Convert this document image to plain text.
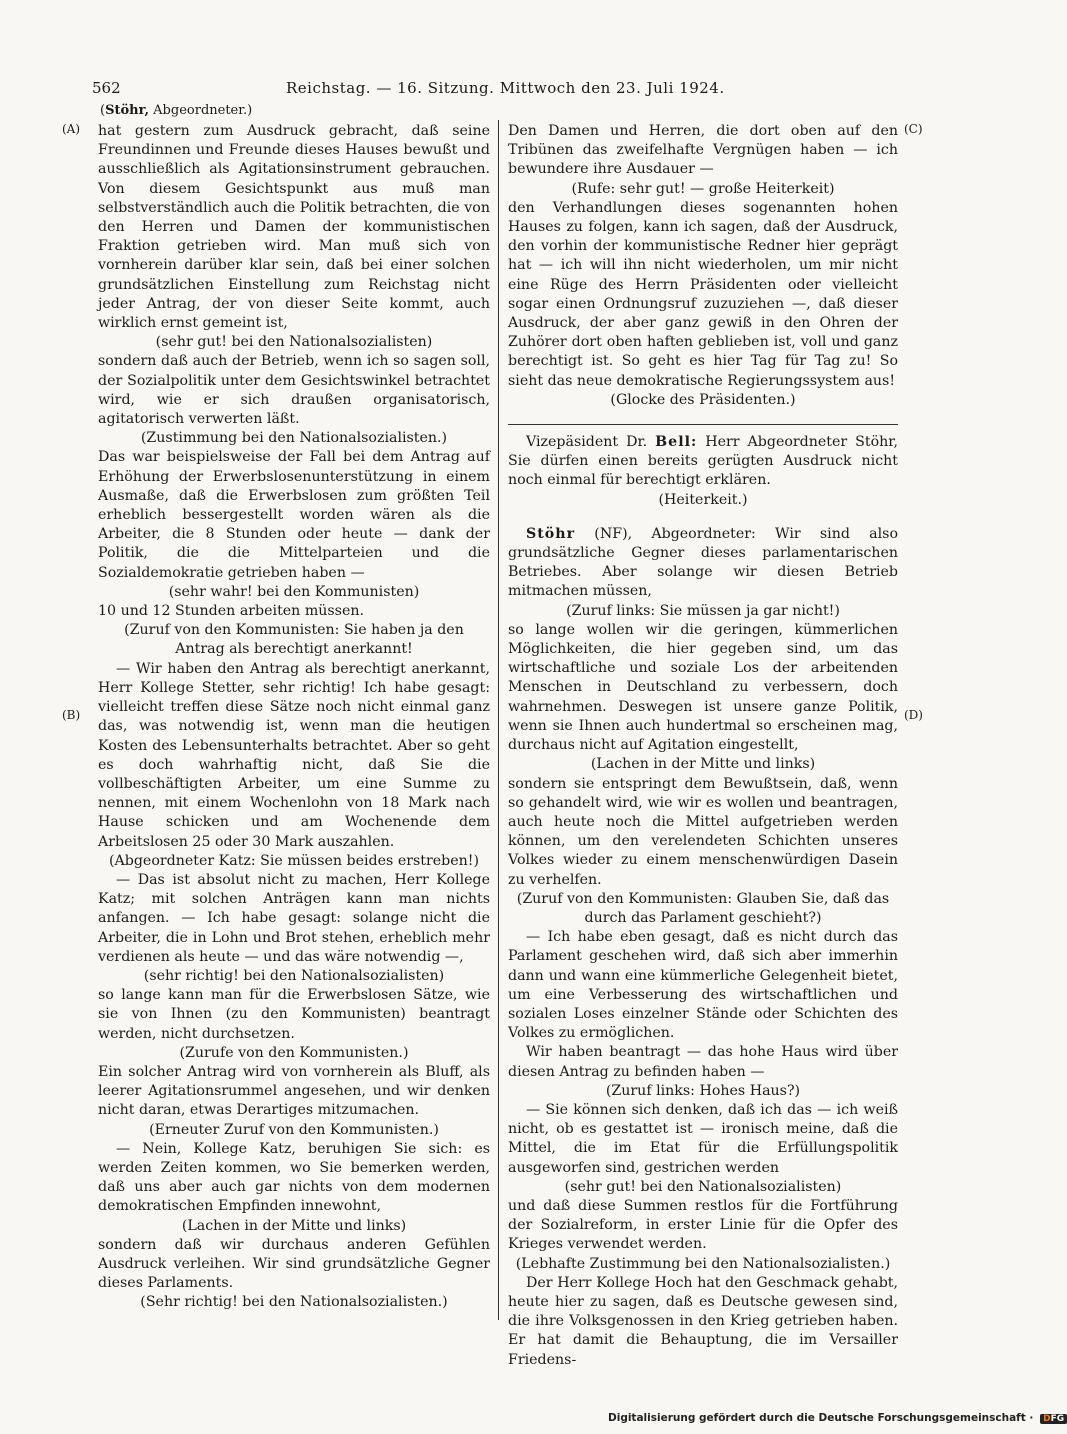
562	Reichstag. — 16. Sitzung. Mittwoch den 23. Juli 1924.
(Stöhr, Abgeordneter.)
(A)
(B)
(C)
(D)

hat gestern zum Ausdruck gebracht, daß seine Freundinnen und Freunde dieses Hauses bewußt und ausschließlich als Agitationsinstrument gebrauchen. Von diesem Gesichtspunkt aus muß man selbstverständlich auch die Politik betrachten, die von den Herren und Damen der kommunistischen Fraktion getrieben wird. Man muß sich von vornherein darüber klar sein, daß bei einer solchen grundsätzlichen Einstellung zum Reichstag nicht jeder Antrag, der von dieser Seite kommt, auch wirklich ernst gemeint ist,

(sehr gut! bei den Nationalsozialisten)

sondern daß auch der Betrieb, wenn ich so sagen soll, der Sozialpolitik unter dem Gesichtswinkel betrachtet wird, wie er sich draußen organisatorisch, agitatorisch verwerten läßt.

(Zustimmung bei den Nationalsozialisten.)

Das war beispielsweise der Fall bei dem Antrag auf Erhöhung der Erwerbslosenunterstützung in einem Ausmaße, daß die Erwerbslosen zum größten Teil erheblich bessergestellt worden wären als die Arbeiter, die 8 Stunden oder heute — dank der Politik, die die Mittelparteien und die Sozialdemokratie getrieben haben —

(sehr wahr! bei den Kommunisten)

10 und 12 Stunden arbeiten müssen.

(Zuruf von den Kommunisten: Sie haben ja den Antrag als berechtigt anerkannt!

— Wir haben den Antrag als berechtigt anerkannt, Herr Kollege Stetter, sehr richtig! Ich habe gesagt: vielleicht treffen diese Sätze noch nicht einmal ganz das, was notwendig ist, wenn man die heutigen Kosten des Lebensunterhalts betrachtet. Aber so geht es doch wahrhaftig nicht, daß Sie die vollbeschäftigten Arbeiter, um eine Summe zu nennen, mit einem Wochenlohn von 18 Mark nach Hause schicken und am Wochenende dem Arbeitslosen 25 oder 30 Mark auszahlen.

(Abgeordneter Katz: Sie müssen beides erstreben!)

— Das ist absolut nicht zu machen, Herr Kollege Katz; mit solchen Anträgen kann man nichts anfangen. — Ich habe gesagt: solange nicht die Arbeiter, die in Lohn und Brot stehen, erheblich mehr verdienen als heute — und das wäre notwendig —,

(sehr richtig! bei den Nationalsozialisten)

so lange kann man für die Erwerbslosen Sätze, wie sie von Ihnen (zu den Kommunisten) beantragt werden, nicht durchsetzen.

(Zurufe von den Kommunisten.)

Ein solcher Antrag wird von vornherein als Bluff, als leerer Agitationsrummel angesehen, und wir denken nicht daran, etwas Derartiges mitzumachen.

(Erneuter Zuruf von den Kommunisten.)

— Nein, Kollege Katz, beruhigen Sie sich: es werden Zeiten kommen, wo Sie bemerken werden, daß uns aber auch gar nichts von dem modernen demokratischen Empfinden innewohnt,

(Lachen in der Mitte und links)

sondern daß wir durchaus anderen Gefühlen Ausdruck verleihen. Wir sind grundsätzliche Gegner dieses Parlaments.

(Sehr richtig! bei den Nationalsozialisten.)

Den Damen und Herren, die dort oben auf den Tribünen das zweifelhafte Vergnügen haben — ich bewundere ihre Ausdauer —

(Rufe: sehr gut! — große Heiterkeit)

den Verhandlungen dieses sogenannten hohen Hauses zu folgen, kann ich sagen, daß der Ausdruck, den vorhin der kommunistische Redner hier geprägt hat — ich will ihn nicht wiederholen, um mir nicht eine Rüge des Herrn Präsidenten oder vielleicht sogar einen Ordnungsruf zuzuziehen —, daß dieser Ausdruck, der aber ganz gewiß in den Ohren der Zuhörer dort oben haften geblieben ist, voll und ganz berechtigt ist. So geht es hier Tag für Tag zu! So sieht das neue demokratische Regierungssystem aus!

(Glocke des Präsidenten.)

Vizepäsident Dr. Bell: Herr Abgeordneter Stöhr, Sie dürfen einen bereits gerügten Ausdruck nicht noch einmal für berechtigt erklären.

(Heiterkeit.)

Stöhr (NF), Abgeordneter: Wir sind also grundsätzliche Gegner dieses parlamentarischen Betriebes. Aber solange wir diesen Betrieb mitmachen müssen,

(Zuruf links: Sie müssen ja gar nicht!)

so lange wollen wir die geringen, kümmerlichen Möglichkeiten, die hier gegeben sind, um das wirtschaftliche und soziale Los der arbeitenden Menschen in Deutschland zu verbessern, doch wahrnehmen. Deswegen ist unsere ganze Politik, wenn sie Ihnen auch hundertmal so erscheinen mag, durchaus nicht auf Agitation eingestellt,

(Lachen in der Mitte und links)

sondern sie entspringt dem Bewußtsein, daß, wenn so gehandelt wird, wie wir es wollen und beantragen, auch heute noch die Mittel aufgetrieben werden können, um den verelendeten Schichten unseres Volkes wieder zu einem menschenwürdigen Dasein zu verhelfen.

(Zuruf von den Kommunisten: Glauben Sie, daß das durch das Parlament geschieht?)

— Ich habe eben gesagt, daß es nicht durch das Parlament geschehen wird, daß sich aber immerhin dann und wann eine kümmerliche Gelegenheit bietet, um eine Verbesserung des wirtschaftlichen und sozialen Loses einzelner Stände oder Schichten des Volkes zu ermöglichen.

Wir haben beantragt — das hohe Haus wird über diesen Antrag zu befinden haben —

(Zuruf links: Hohes Haus?)

— Sie können sich denken, daß ich das — ich weiß nicht, ob es gestattet ist — ironisch meine, daß die Mittel, die im Etat für die Erfüllungspolitik ausgeworfen sind, gestrichen werden

(sehr gut! bei den Nationalsozialisten)

und daß diese Summen restlos für die Fortführung der Sozialreform, in erster Linie für die Opfer des Krieges verwendet werden.

(Lebhafte Zustimmung bei den Nationalsozialisten.)

Der Herr Kollege Hoch hat den Geschmack gehabt, heute hier zu sagen, daß es Deutsche gewesen sind, die ihre Volksgenossen in den Krieg getrieben haben. Er hat damit die Behauptung, die im Versailler Friedens-

Digitalisierung gefördert durch die Deutsche Forschungsgemeinschaft · DFG
